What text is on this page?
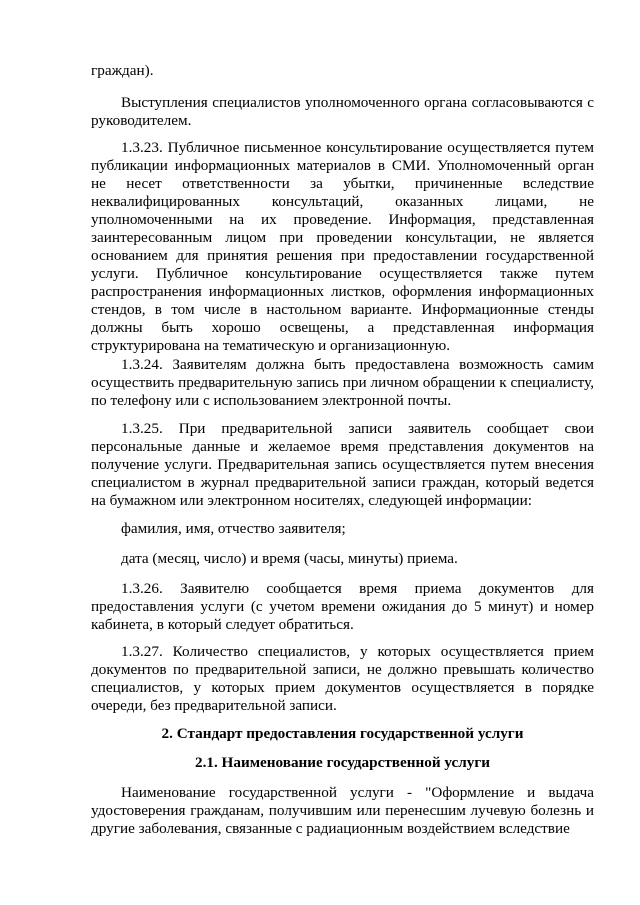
граждан).

Выступления специалистов уполномоченного органа согласовываются с руководителем.

1.3.23. Публичное письменное консультирование осуществляется путем публикации информационных материалов в СМИ. Уполномоченный орган не несет ответственности за убытки, причиненные вследствие неквалифицированных консультаций, оказанных лицами, не уполномоченными на их проведение. Информация, представленная заинтересованным лицом при проведении консультации, не является основанием для принятия решения при предоставлении государственной услуги. Публичное консультирование осуществляется также путем распространения информационных листков, оформления информационных стендов, в том числе в настольном варианте. Информационные стенды должны быть хорошо освещены, а представленная информация структурирована на тематическую и организационную.

1.3.24. Заявителям должна быть предоставлена возможность самим осуществить предварительную запись при личном обращении к специалисту, по телефону или с использованием электронной почты.

1.3.25. При предварительной записи заявитель сообщает свои персональные данные и желаемое время представления документов на получение услуги. Предварительная запись осуществляется путем внесения специалистом в журнал предварительной записи граждан, который ведется на бумажном или электронном носителях, следующей информации:

фамилия, имя, отчество заявителя;

дата (месяц, число) и время (часы, минуты) приема.

1.3.26. Заявителю сообщается время приема документов для предоставления услуги (с учетом времени ожидания до 5 минут) и номер кабинета, в который следует обратиться.

1.3.27. Количество специалистов, у которых осуществляется прием документов по предварительной записи, не должно превышать количество специалистов, у которых прием документов осуществляется в порядке очереди, без предварительной записи.

2. Стандарт предоставления государственной услуги

2.1. Наименование государственной услуги

Наименование государственной услуги - "Оформление и выдача удостоверения гражданам, получившим или перенесшим лучевую болезнь и другие заболевания, связанные с радиационным воздействием вследствие
